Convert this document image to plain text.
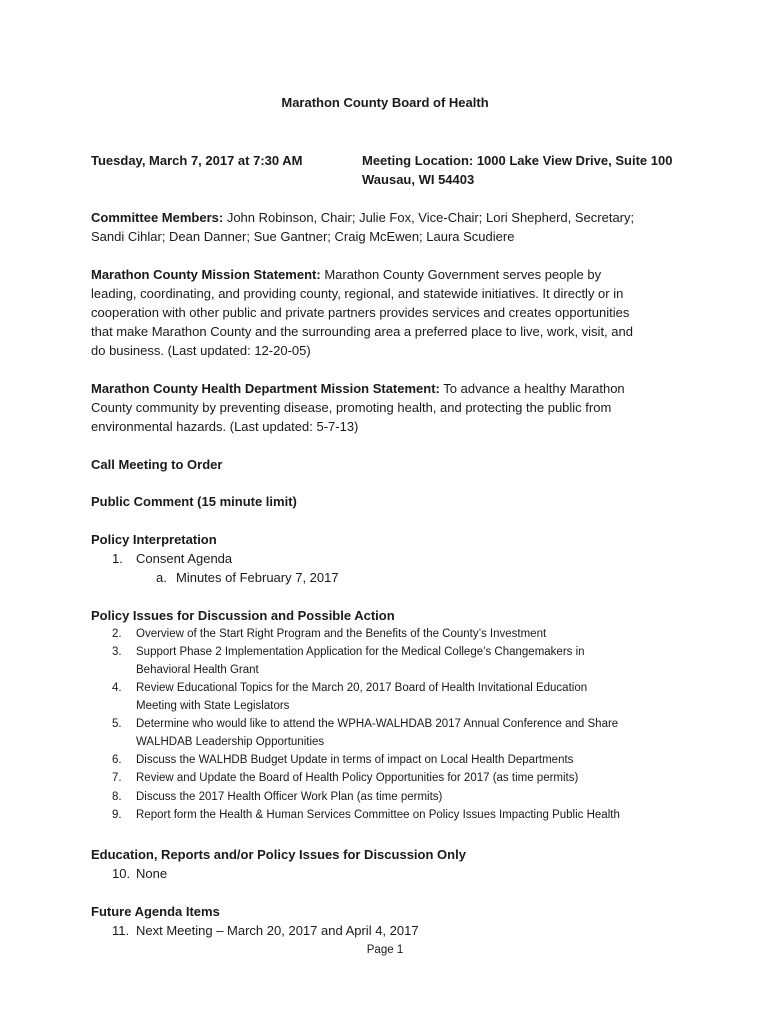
Marathon County Board of Health
Tuesday, March 7, 2017 at 7:30 AM	Meeting Location: 1000 Lake View Drive, Suite 100
Wausau, WI 54403
Committee Members: John Robinson, Chair; Julie Fox, Vice-Chair; Lori Shepherd, Secretary;
Sandi Cihlar; Dean Danner; Sue Gantner; Craig McEwen; Laura Scudiere
Marathon County Mission Statement: Marathon County Government serves people by
leading, coordinating, and providing county, regional, and statewide initiatives. It directly or in
cooperation with other public and private partners provides services and creates opportunities
that make Marathon County and the surrounding area a preferred place to live, work, visit, and
do business. (Last updated: 12-20-05)
Marathon County Health Department Mission Statement: To advance a healthy Marathon
County community by preventing disease, promoting health, and protecting the public from
environmental hazards. (Last updated: 5-7-13)
Call Meeting to Order
Public Comment (15 minute limit)
Policy Interpretation
1. Consent Agenda
a. Minutes of February 7, 2017
Policy Issues for Discussion and Possible Action
2. Overview of the Start Right Program and the Benefits of the County’s Investment
3. Support Phase 2 Implementation Application for the Medical College’s Changemakers in
Behavioral Health Grant
4. Review Educational Topics for the March 20, 2017 Board of Health Invitational Education
Meeting with State Legislators
5. Determine who would like to attend the WPHA-WALHDAB 2017 Annual Conference and Share
WALHDAB Leadership Opportunities
6. Discuss the WALHDB Budget Update in terms of impact on Local Health Departments
7. Review and Update the Board of Health Policy Opportunities for 2017 (as time permits)
8. Discuss the 2017 Health Officer Work Plan (as time permits)
9. Report form the Health & Human Services Committee on Policy Issues Impacting Public Health
Education, Reports and/or Policy Issues for Discussion Only
10. None
Future Agenda Items
11. Next Meeting – March 20, 2017 and April 4, 2017
Page 1
